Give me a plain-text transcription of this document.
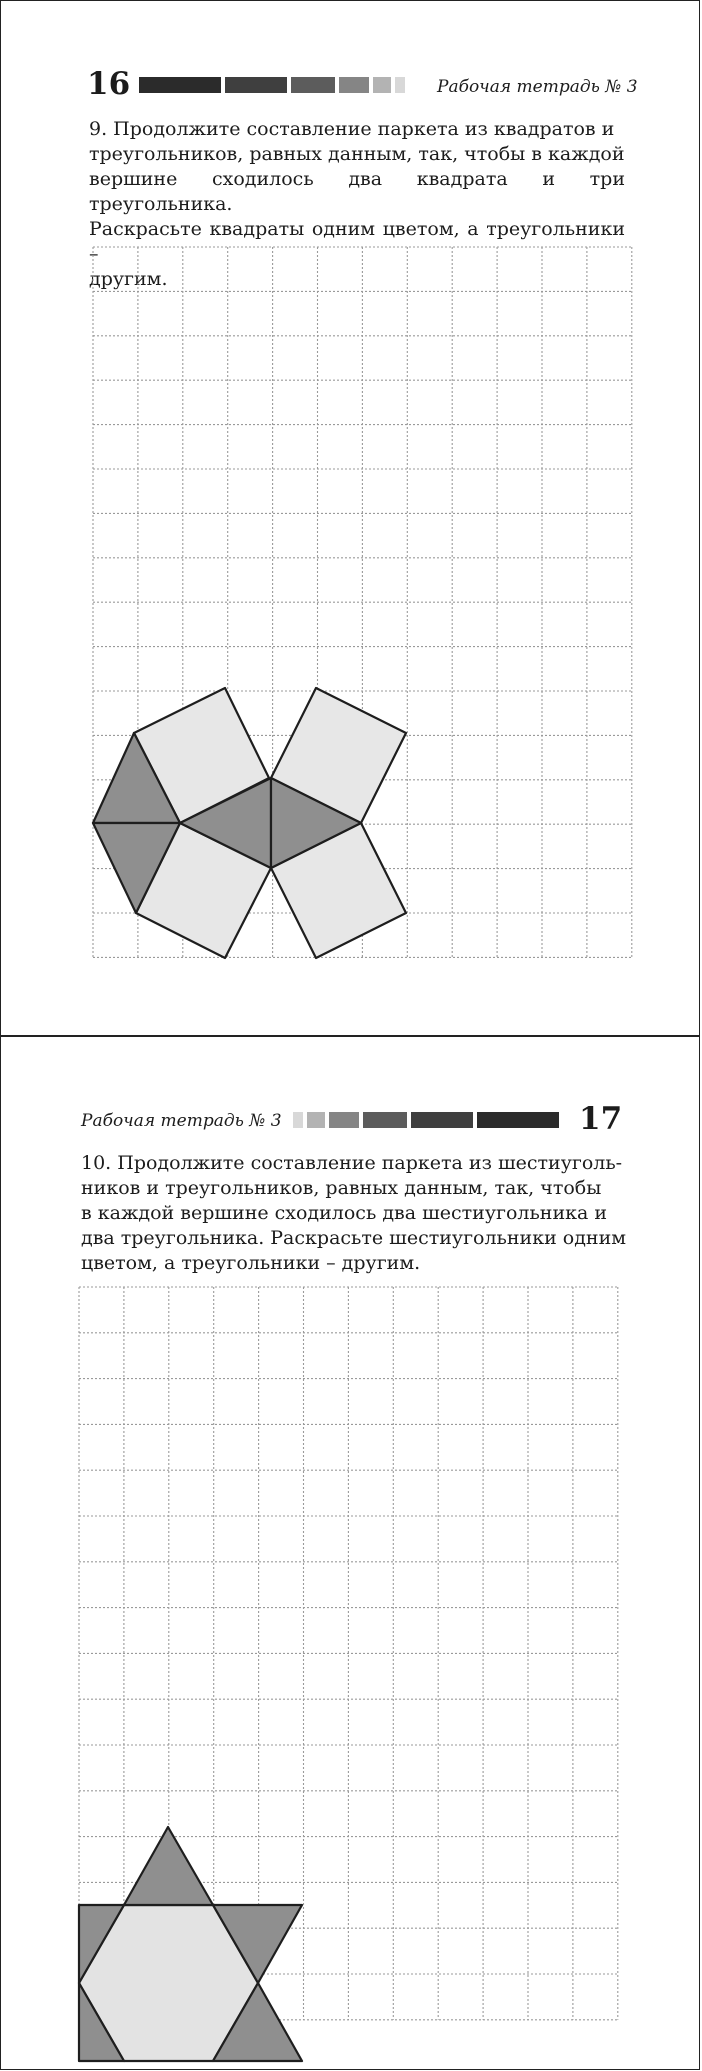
16	Рабочая тетрадь № 3

9. Продолжите составление паркета из квадратов и
треугольников, равных данным, так, чтобы в каждой
вершине сходилось два квадрата и три треугольника.
Раскрасьте квадраты одним цветом, а треугольники –
другим.

Рабочая тетрадь № 3	17

10. Продолжите составление паркета из шестиуголь-
ников и треугольников, равных данным, так, чтобы
в каждой вершине сходилось два шестиугольника и
два треугольника. Раскрасьте шестиугольники одним
цветом, а треугольники – другим.
